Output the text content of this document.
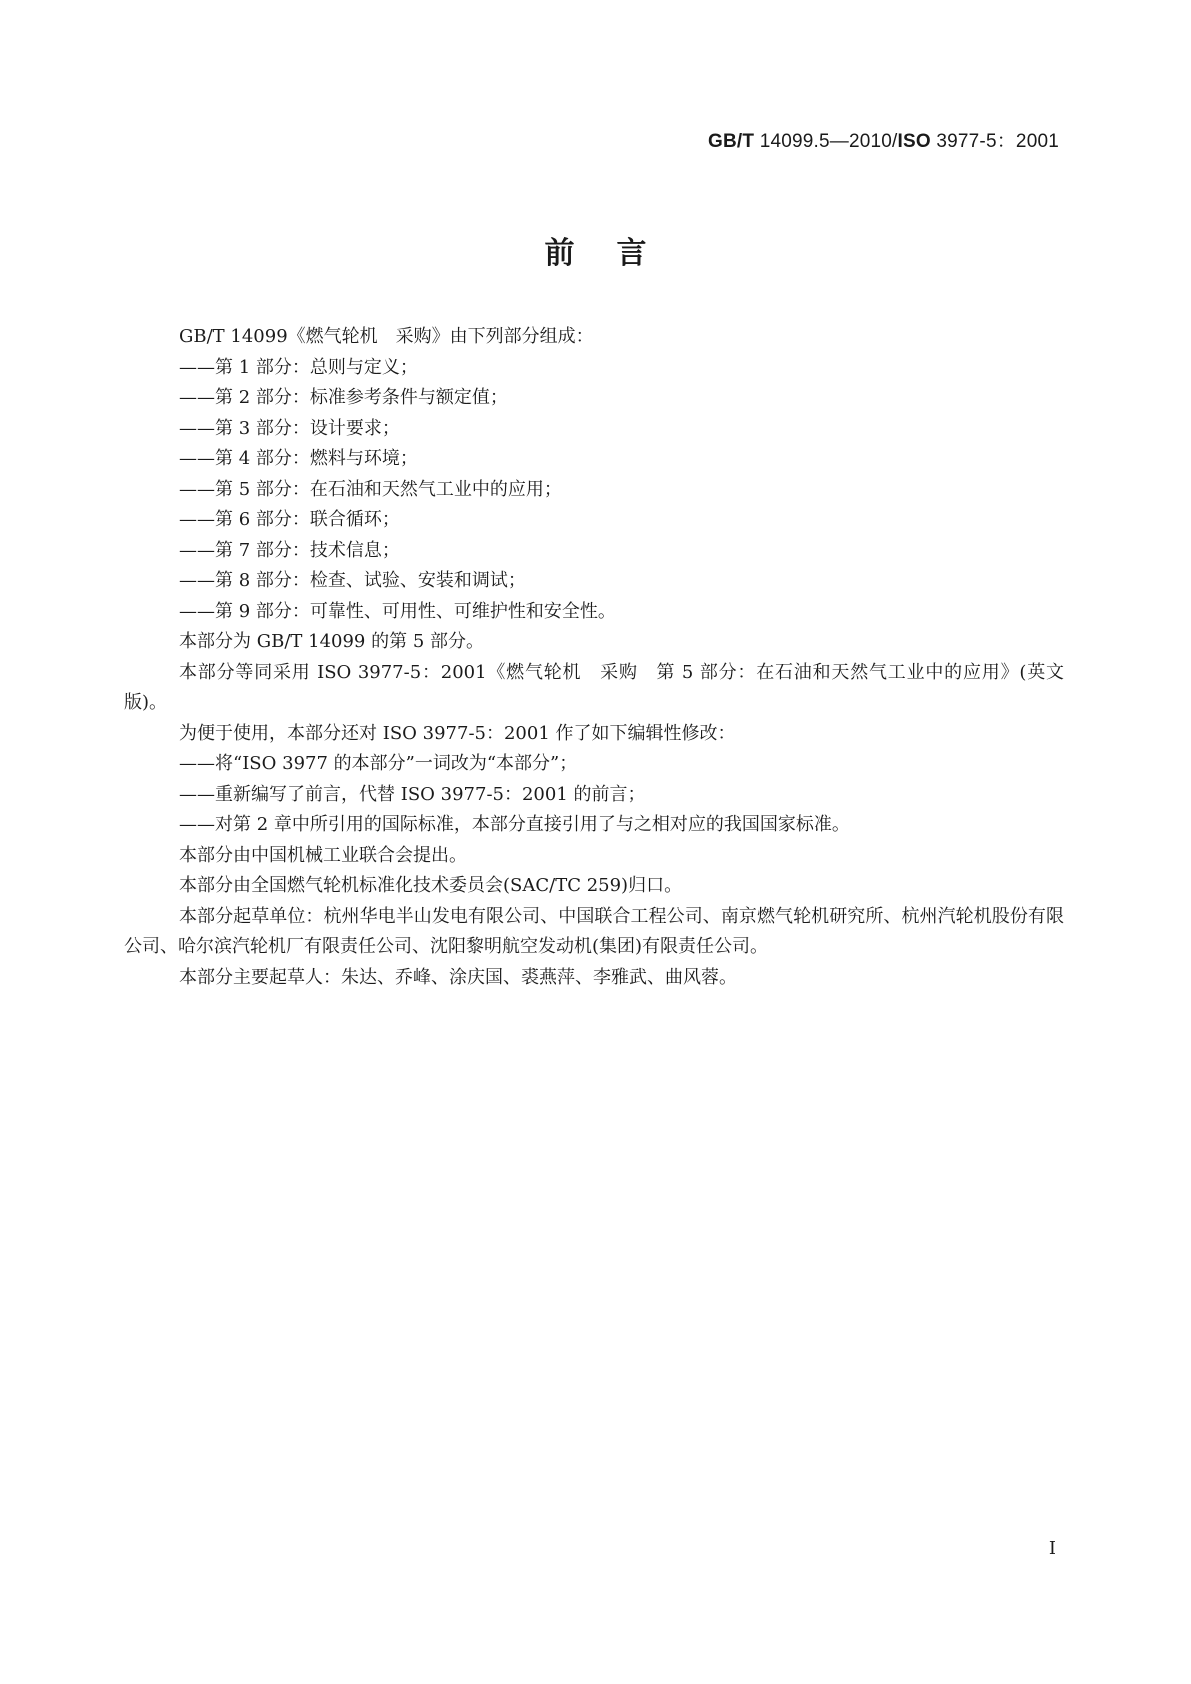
GB/T 14099.5—2010/ISO 3977-5：2001
前言

GB/T 14099《燃气轮机　采购》由下列部分组成：

——第 1 部分：总则与定义；

——第 2 部分：标准参考条件与额定值；

——第 3 部分：设计要求；

——第 4 部分：燃料与环境；

——第 5 部分：在石油和天然气工业中的应用；

——第 6 部分：联合循环；

——第 7 部分：技术信息；

——第 8 部分：检查、试验、安装和调试；

——第 9 部分：可靠性、可用性、可维护性和安全性。

本部分为 GB/T 14099 的第 5 部分。

本部分等同采用 ISO 3977-5：2001《燃气轮机　采购　第 5 部分：在石油和天然气工业中的应用》(英文版)。

为便于使用，本部分还对 ISO 3977-5：2001 作了如下编辑性修改：

——将“ISO 3977 的本部分”一词改为“本部分”；

——重新编写了前言，代替 ISO 3977-5：2001 的前言；

——对第 2 章中所引用的国际标准，本部分直接引用了与之相对应的我国国家标准。

本部分由中国机械工业联合会提出。

本部分由全国燃气轮机标准化技术委员会(SAC/TC 259)归口。

本部分起草单位：杭州华电半山发电有限公司、中国联合工程公司、南京燃气轮机研究所、杭州汽轮机股份有限公司、哈尔滨汽轮机厂有限责任公司、沈阳黎明航空发动机(集团)有限责任公司。

本部分主要起草人：朱达、乔峰、涂庆国、裘燕萍、李雅武、曲风蓉。

I
